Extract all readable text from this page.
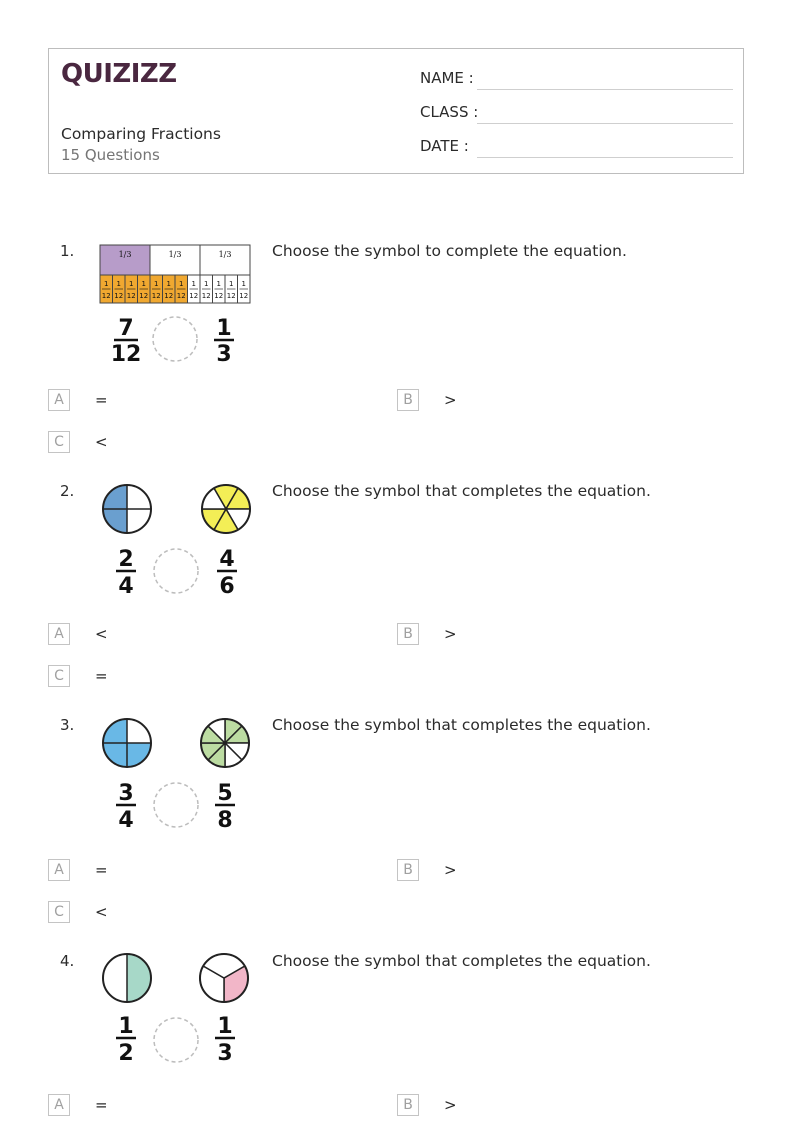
QUIZIZZ
Comparing Fractions
15 Questions
NAME :
CLASS :
DATE :
1.	Choose the symbol to complete the equation.
1/3	1/3	1/3
1
12
1
12
1
12
1
12
1
12
1
12
1
12
1
12
1
12
1
12
1
12
1
12
7
12
1
3
A	=	B	>
C	<
2.	Choose the symbol that completes the equation.
2
4
4
6
A	<	B	>
C	=
3.	Choose the symbol that completes the equation.
3
4
5
8
A	=	B	>
C	<
4.	Choose the symbol that completes the equation.
1
2
1
3
A	=	B	>
